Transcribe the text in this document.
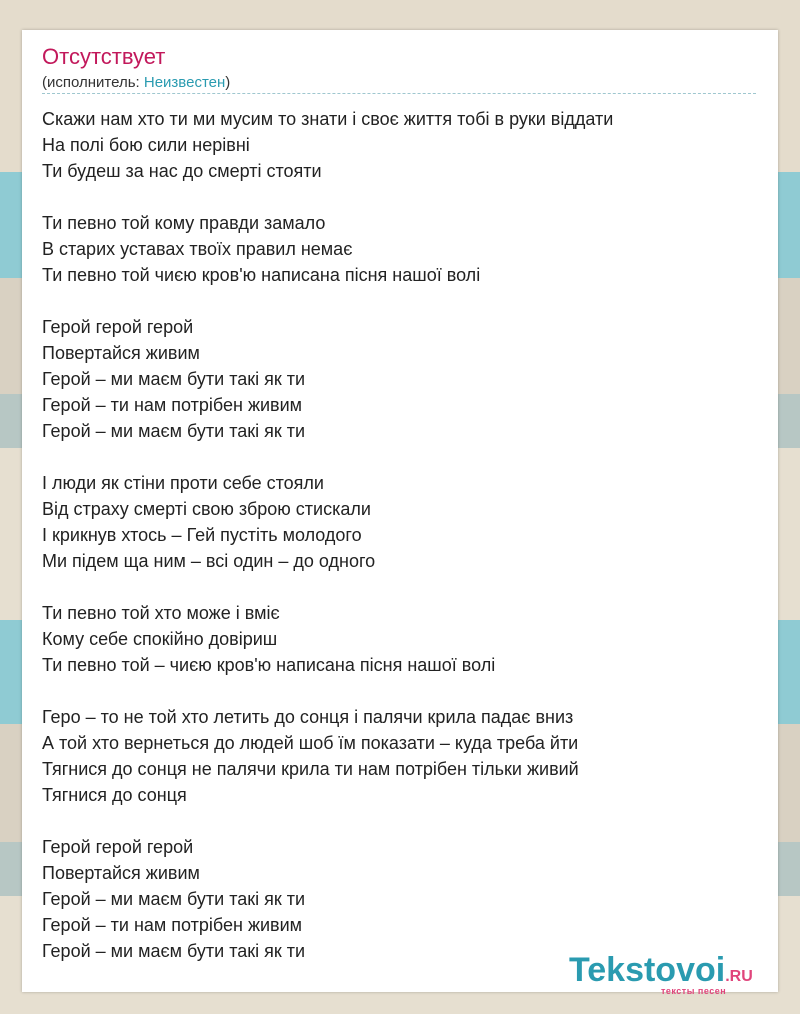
Отсутствует
(исполнитель: Неизвестен)
Скажи нам хто ти ми мусим то знати і своє життя тобі в руки віддати
На полі бою сили нерівні
Ти будеш за нас до смерті стояти
Ти певно той кому правди замало
В старих уставах твоїх правил немає
Ти певно той чиєю кров'ю написана пісня нашої волі
Герой герой герой
Повертайся живим
Герой – ми маєм бути такі як ти
Герой – ти нам потрібен живим
Герой – ми маєм бути такі як ти
І люди як стіни проти себе стояли
Від страху смерті свою зброю стискали
І крикнув хтось – Гей пустіть молодого
Ми підем ща ним – всі один – до одного
Ти певно той хто може і вміє
Кому себе спокійно довіриш
Ти певно той – чиєю кров'ю написана пісня нашої волі
Геро – то не той хто летить до сонця і палячи крила падає вниз
А той хто вернеться до людей шоб їм показати – куда треба йти
Тягнися до сонця не палячи крила ти нам потрібен тільки живий
Тягнися до сонця
Герой герой герой
Повертайся живим
Герой – ми маєм бути такі як ти
Герой – ти нам потрібен живим
Герой – ми маєм бути такі як ти	Tekstovoi.RU
тексты песен
